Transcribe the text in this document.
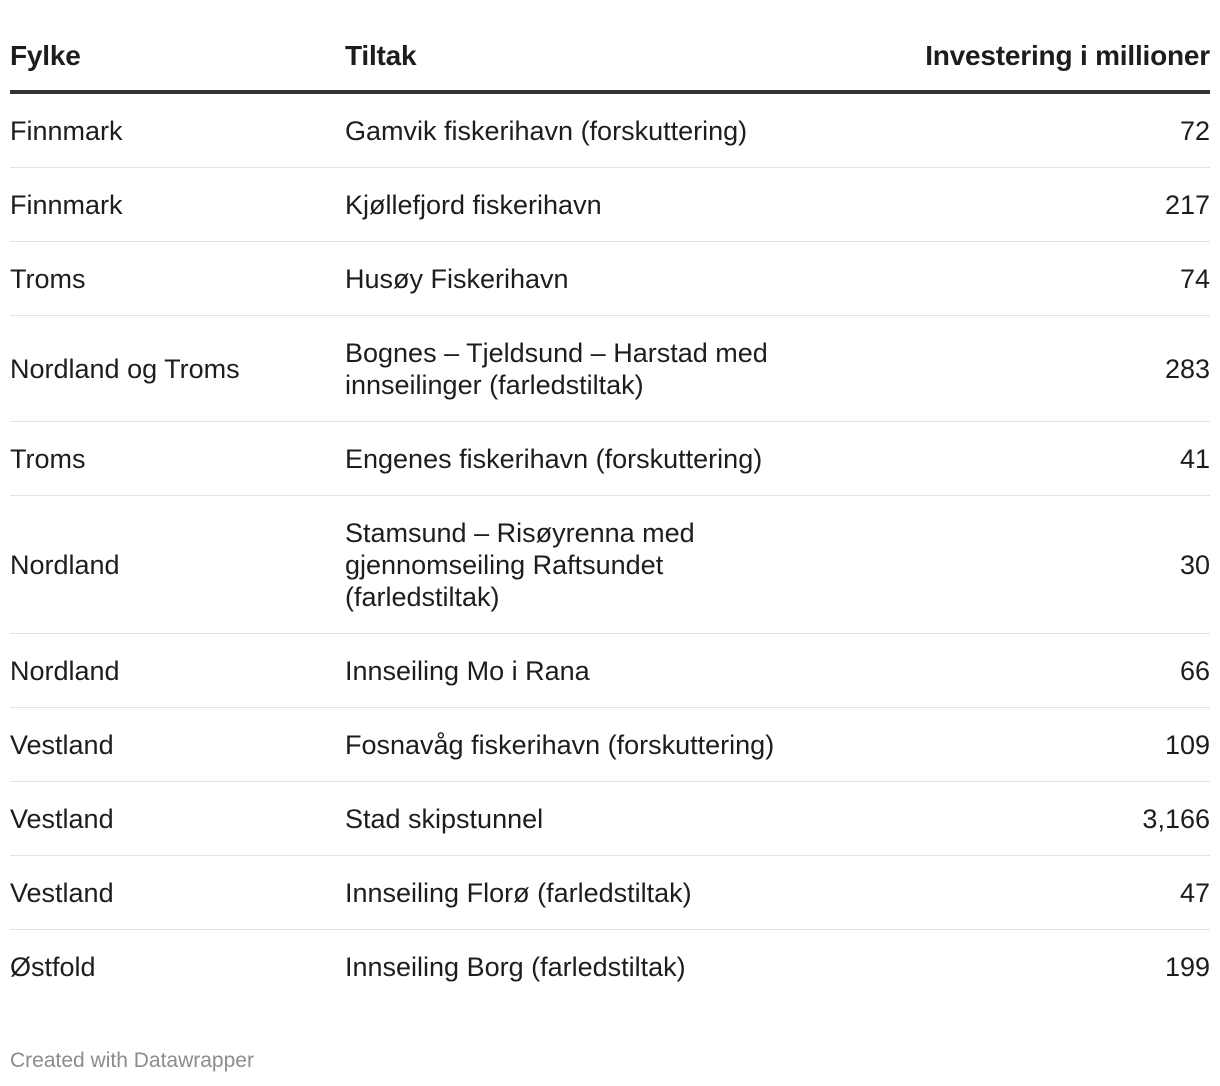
Fylke	Tiltak	Investering i millioner
Finnmark	Gamvik fiskerihavn (forskuttering)	72
Finnmark	Kjøllefjord fiskerihavn	217
Troms	Husøy Fiskerihavn	74
Nordland og Troms	Bognes – Tjeldsund – Harstad med innseilinger (farledstiltak)	283
Troms	Engenes fiskerihavn (forskuttering)	41
Nordland	Stamsund – Risøyrenna med gjennomseiling Raftsundet (farledstiltak)	30
Nordland	Innseiling Mo i Rana	66
Vestland	Fosnavåg fiskerihavn (forskuttering)	109
Vestland	Stad skipstunnel	3,166
Vestland	Innseiling Florø (farledstiltak)	47
Østfold	Innseiling Borg (farledstiltak)	199
Created with Datawrapper
